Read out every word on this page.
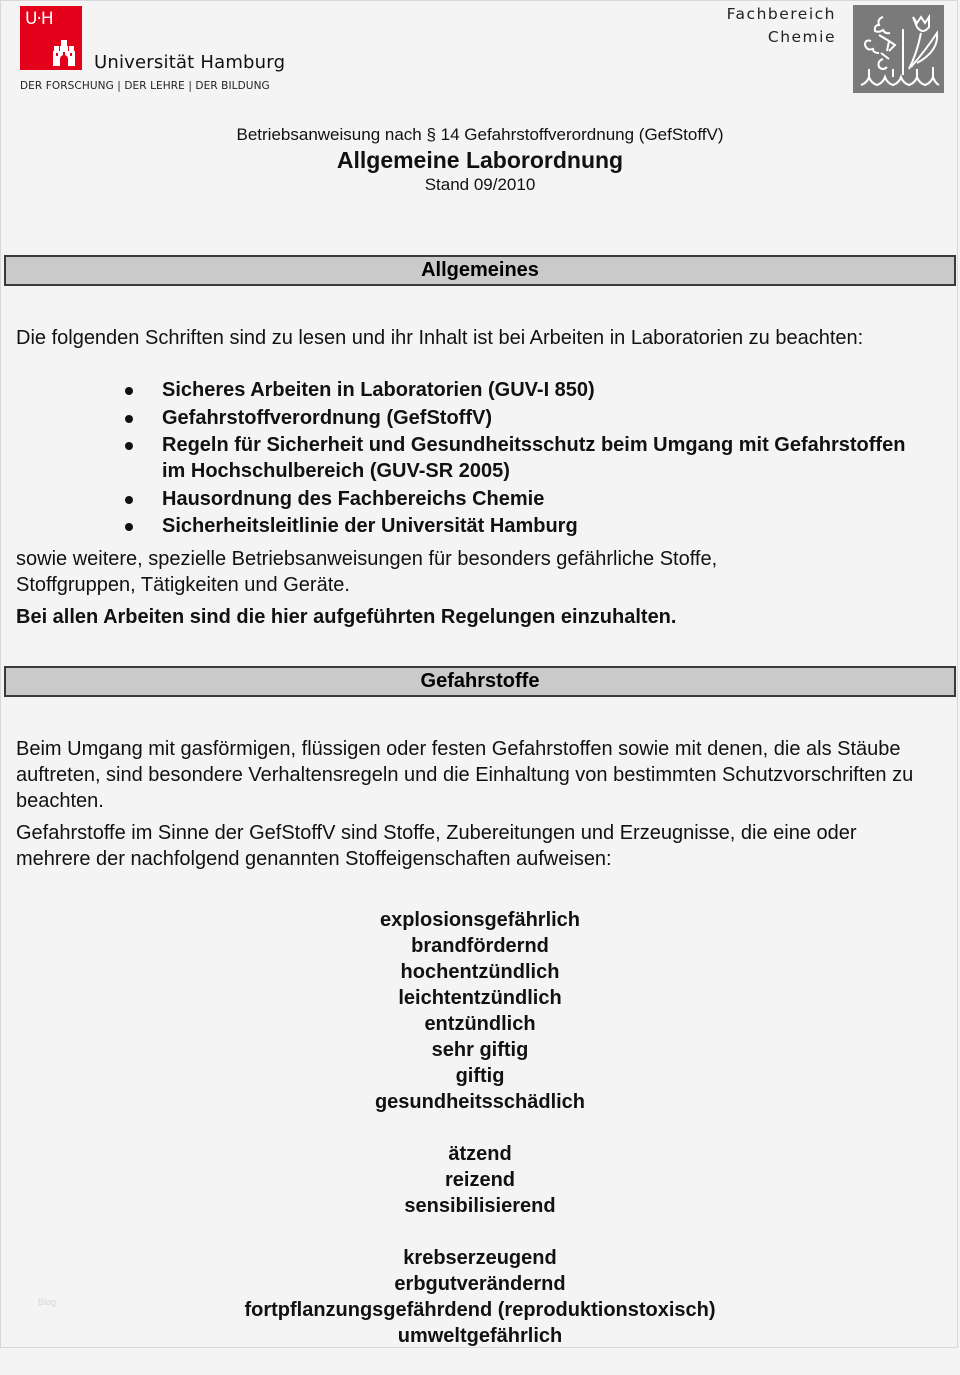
U·H
Universität Hamburg
DER FORSCHUNG | DER LEHRE | DER BILDUNG
Fachbereich
Chemie
Betriebsanweisung nach § 14 Gefahrstoffverordnung (GefStoffV)
Allgemeine Laborordnung
Stand 09/2010
Allgemeines
Die folgenden Schriften sind zu lesen und ihr Inhalt ist bei Arbeiten in Laboratorien zu beachten:
Sicheres Arbeiten in Laboratorien (GUV-I 850)
Gefahrstoffverordnung (GefStoffV)
Regeln für Sicherheit und Gesundheitsschutz beim Umgang mit Gefahrstoffen im Hochschulbereich (GUV-SR 2005)
Hausordnung des Fachbereichs Chemie
Sicherheitsleitlinie der Universität Hamburg
sowie weitere, spezielle Betriebsanweisungen für besonders gefährliche Stoffe, Stoffgruppen, Tätigkeiten und Geräte.
Bei allen Arbeiten sind die hier aufgeführten Regelungen einzuhalten.
Gefahrstoffe
Beim Umgang mit gasförmigen, flüssigen oder festen Gefahrstoffen sowie mit denen, die als Stäube auftreten, sind besondere Verhaltensregeln und die Einhaltung von bestimmten Schutzvorschriften zu beachten.
Gefahrstoffe im Sinne der GefStoffV sind Stoffe, Zubereitungen und Erzeugnisse, die eine oder mehrere der nachfolgend genannten Stoffeigenschaften aufweisen:
explosionsgefährlich
brandfördernd
hochentzündlich
leichtentzündlich
entzündlich
sehr giftig
giftig
gesundheitsschädlich
ätzend
reizend
sensibilisierend
krebserzeugend
erbgutverändernd
fortpflanzungsgefährdend (reproduktionstoxisch)
umweltgefährlich
Blog
